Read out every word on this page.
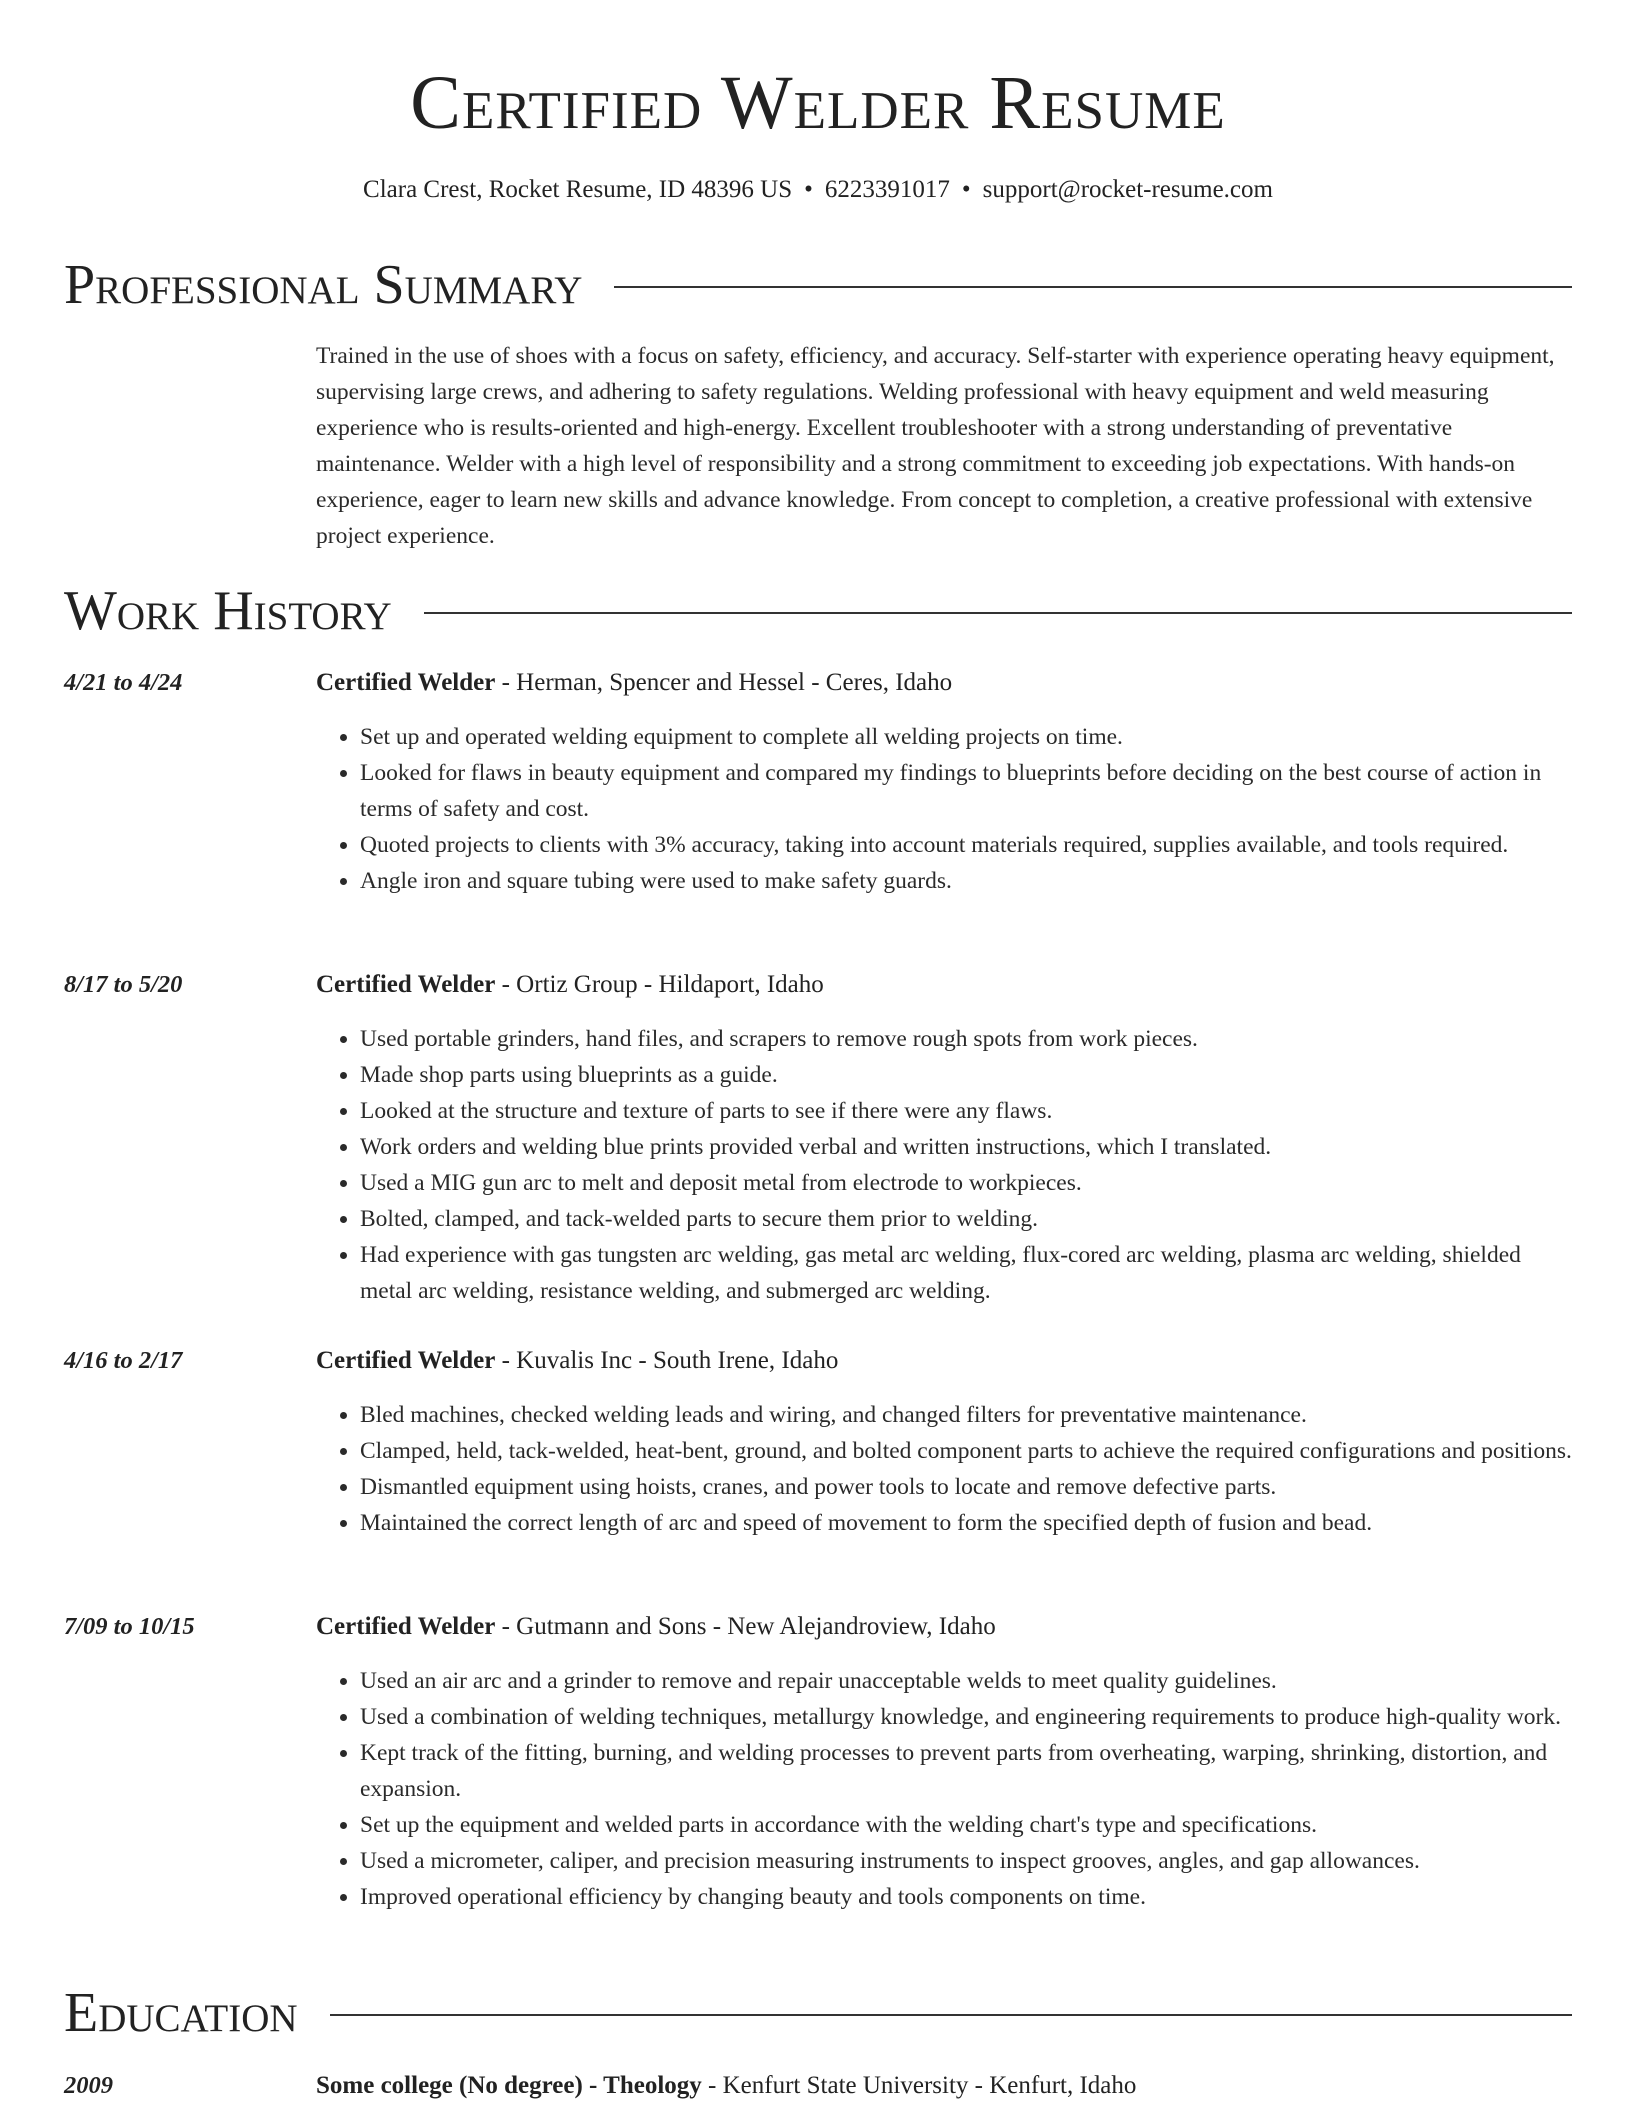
Certified Welder Resume
Clara Crest, Rocket Resume, ID 48396 US • 6223391017 • support@rocket-resume.com
Professional Summary

Trained in the use of shoes with a focus on safety, efficiency, and accuracy. Self-starter with experience operating heavy equipment, supervising large crews, and adhering to safety regulations. Welding professional with heavy equipment and weld measuring experience who is results-oriented and high-energy. Excellent troubleshooter with a strong understanding of preventative maintenance. Welder with a high level of responsibility and a strong commitment to exceeding job expectations. With hands-on experience, eager to learn new skills and advance knowledge. From concept to completion, a creative professional with extensive project experience.

Work History
4/21 to 4/24	Certified Welder - Herman, Spencer and Hessel - Ceres, Idaho
• Set up and operated welding equipment to complete all welding projects on time.
• Looked for flaws in beauty equipment and compared my findings to blueprints before deciding on the best course of action in terms of safety and cost.
• Quoted projects to clients with 3% accuracy, taking into account materials required, supplies available, and tools required.
• Angle iron and square tubing were used to make safety guards.
8/17 to 5/20	Certified Welder - Ortiz Group - Hildaport, Idaho
• Used portable grinders, hand files, and scrapers to remove rough spots from work pieces.
• Made shop parts using blueprints as a guide.
• Looked at the structure and texture of parts to see if there were any flaws.
• Work orders and welding blue prints provided verbal and written instructions, which I translated.
• Used a MIG gun arc to melt and deposit metal from electrode to workpieces.
• Bolted, clamped, and tack-welded parts to secure them prior to welding.
• Had experience with gas tungsten arc welding, gas metal arc welding, flux-cored arc welding, plasma arc welding, shielded metal arc welding, resistance welding, and submerged arc welding.
4/16 to 2/17	Certified Welder - Kuvalis Inc - South Irene, Idaho
• Bled machines, checked welding leads and wiring, and changed filters for preventative maintenance.
• Clamped, held, tack-welded, heat-bent, ground, and bolted component parts to achieve the required configurations and positions.
• Dismantled equipment using hoists, cranes, and power tools to locate and remove defective parts.
• Maintained the correct length of arc and speed of movement to form the specified depth of fusion and bead.
7/09 to 10/15	Certified Welder - Gutmann and Sons - New Alejandroview, Idaho
• Used an air arc and a grinder to remove and repair unacceptable welds to meet quality guidelines.
• Used a combination of welding techniques, metallurgy knowledge, and engineering requirements to produce high-quality work.
• Kept track of the fitting, burning, and welding processes to prevent parts from overheating, warping, shrinking, distortion, and expansion.
• Set up the equipment and welded parts in accordance with the welding chart's type and specifications.
• Used a micrometer, caliper, and precision measuring instruments to inspect grooves, angles, and gap allowances.
• Improved operational efficiency by changing beauty and tools components on time.
Education
2009	Some college (No degree) - Theology - Kenfurt State University - Kenfurt, Idaho
